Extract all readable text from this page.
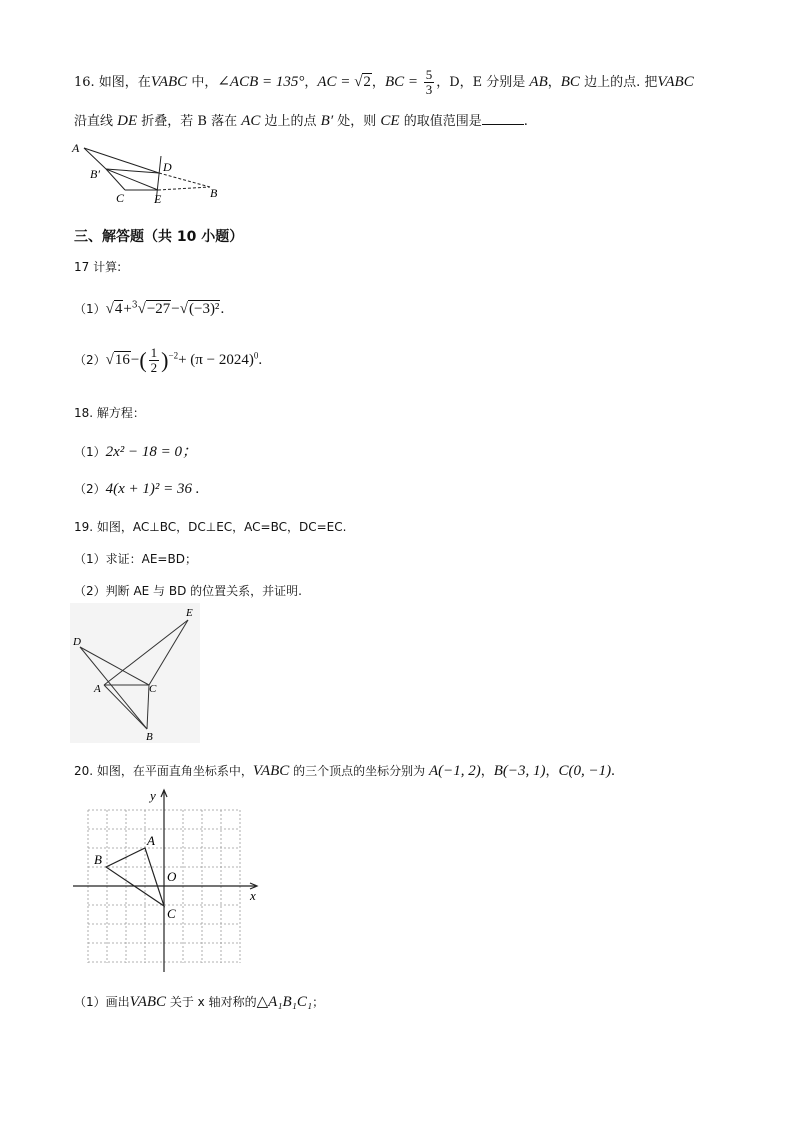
16. 如图，在VABC 中，∠ACB = 135°，AC = √2，BC = $\frac{5}{3}$ ，D，E 分别是 AB，BC 边上的点. 把VABC
沿直线 DE 折叠，若 B 落在 AC 边上的点 B′ 处，则 CE 的取值范围是	.
A
B′
C
D
E	B
三、解答题（共 10 小题）
17 计算:
（1）√4+$^3$√−27−√(−3)².
$(2)√16-( \frac{1}{2} )^{-2}+ (\pi - 2024)^0$.
18. 解方程：
（1）2x² − 18 = 0；
（2）4(x + 1)² = 36 .
19. 如图，AC⊥BC，DC⊥EC，AC=BC，DC=EC.
（1）求证：AE=BD；
（2）判断 AE 与 BD 的位置关系，并证明.
D
E
A	C
B
20. 如图，在平面直角坐标系中，VABC 的三个顶点的坐标分别为 A(−1, 2)，B(−3, 1)，C(0, −1).
y
x
O
A
B
C
（1）画出VABC 关于 x 轴对称的△A₁B₁C₁；
